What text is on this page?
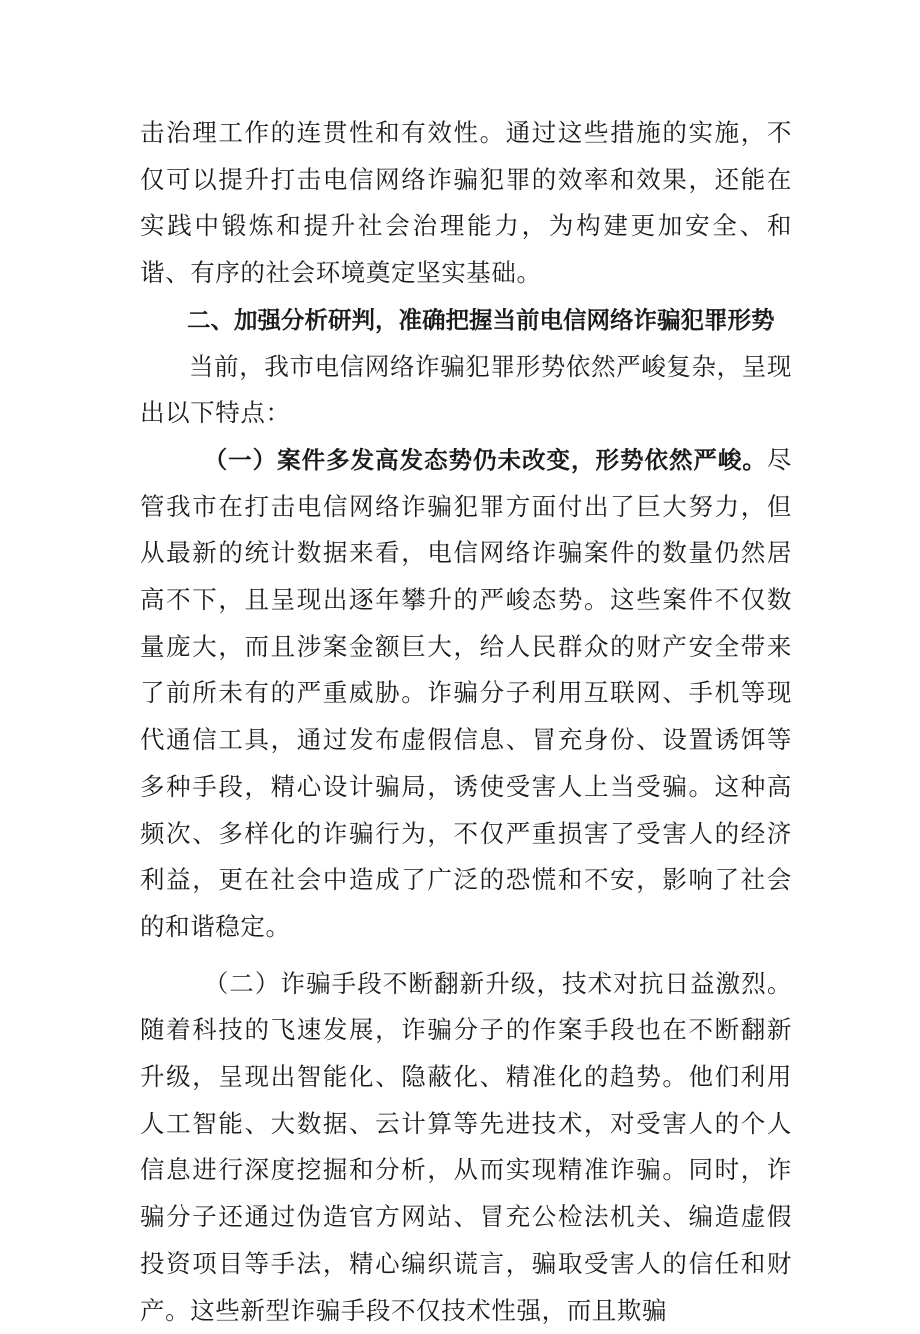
击治理工作的连贯性和有效性。通过这些措施的实施，不仅可以提升打击电信网络诈骗犯罪的效率和效果，还能在实践中锻炼和提升社会治理能力，为构建更加安全、和谐、有序的社会环境奠定坚实基础。

二、加强分析研判，准确把握当前电信网络诈骗犯罪形势

当前，我市电信网络诈骗犯罪形势依然严峻复杂，呈现出以下特点：

（一）案件多发高发态势仍未改变，形势依然严峻。尽管我市在打击电信网络诈骗犯罪方面付出了巨大努力，但从最新的统计数据来看，电信网络诈骗案件的数量仍然居高不下，且呈现出逐年攀升的严峻态势。这些案件不仅数量庞大，而且涉案金额巨大，给人民群众的财产安全带来了前所未有的严重威胁。诈骗分子利用互联网、手机等现代通信工具，通过发布虚假信息、冒充身份、设置诱饵等多种手段，精心设计骗局，诱使受害人上当受骗。这种高频次、多样化的诈骗行为，不仅严重损害了受害人的经济利益，更在社会中造成了广泛的恐慌和不安，影响了社会的和谐稳定。

（二）诈骗手段不断翻新升级，技术对抗日益激烈。随着科技的飞速发展，诈骗分子的作案手段也在不断翻新升级，呈现出智能化、隐蔽化、精准化的趋势。他们利用人工智能、大数据、云计算等先进技术，对受害人的个人信息进行深度挖掘和分析，从而实现精准诈骗。同时，诈骗分子还通过伪造官方网站、冒充公检法机关、编造虚假投资项目等手法，精心编织谎言，骗取受害人的信任和财产。这些新型诈骗手段不仅技术性强，而且欺骗
